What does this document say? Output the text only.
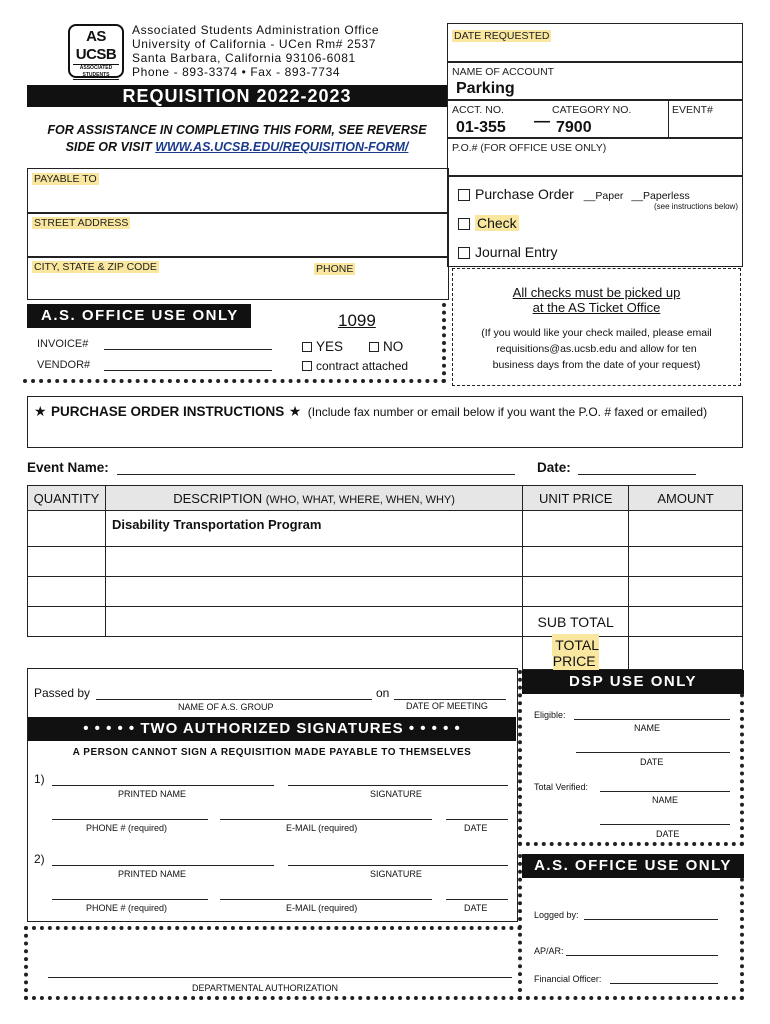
AS UCSB
ASSOCIATED STUDENTS
Associated Students Administration Office
University of California - UCen Rm# 2537
Santa Barbara, California 93106-6081
Phone - 893-3374 • Fax - 893-7734
REQUISITION 2022-2023
FOR ASSISTANCE IN COMPLETING THIS FORM, SEE REVERSE
SIDE OR VISIT WWW.AS.UCSB.EDU/REQUISITION-FORM/
DATE REQUESTED
NAME OF ACCOUNT
Parking
ACCT. NO.
01-355 —
CATEGORY NO.
7900
EVENT#
P.O.# (FOR OFFICE USE ONLY)
PAYABLE TO
STREET ADDRESS
CITY, STATE & ZIP CODE	PHONE
Purchase Order __Paper __Paperless
(see instructions below)
Check
Journal Entry
All checks must be picked up
at the AS Ticket Office
(If you would like your check mailed, please email
requisitions@as.ucsb.edu and allow for ten
business days from the date of your request)
A.S. OFFICE USE ONLY
INVOICE#
VENDOR#
1099
YES	NO
contract attached
★ PURCHASE ORDER INSTRUCTIONS ★ (Include fax number or email below if you want the P.O. # faxed or emailed)
Event Name:	Date:
QUANTITY	DESCRIPTION (WHO, WHAT, WHERE, WHEN, WHY)	UNIT PRICE	AMOUNT
	Disability Transportation Program		

		SUB TOTAL	
		TOTAL PRICE	
Passed by	on
NAME OF A.S. GROUP	DATE OF MEETING
• • • • • TWO AUTHORIZED SIGNATURES • • • • •
A PERSON CANNOT SIGN A REQUISITION MADE PAYABLE TO THEMSELVES
1)
PRINTED NAME	SIGNATURE
PHONE # (required)	E-MAIL (required)	DATE
2)
PRINTED NAME	SIGNATURE
PHONE # (required)	E-MAIL (required)	DATE
DEPARTMENTAL AUTHORIZATION
DSP USE ONLY
Eligible:
NAME
DATE
Total Verified:
NAME
DATE
A.S. OFFICE USE ONLY
Logged by:
AP/AR:
Financial Officer:
